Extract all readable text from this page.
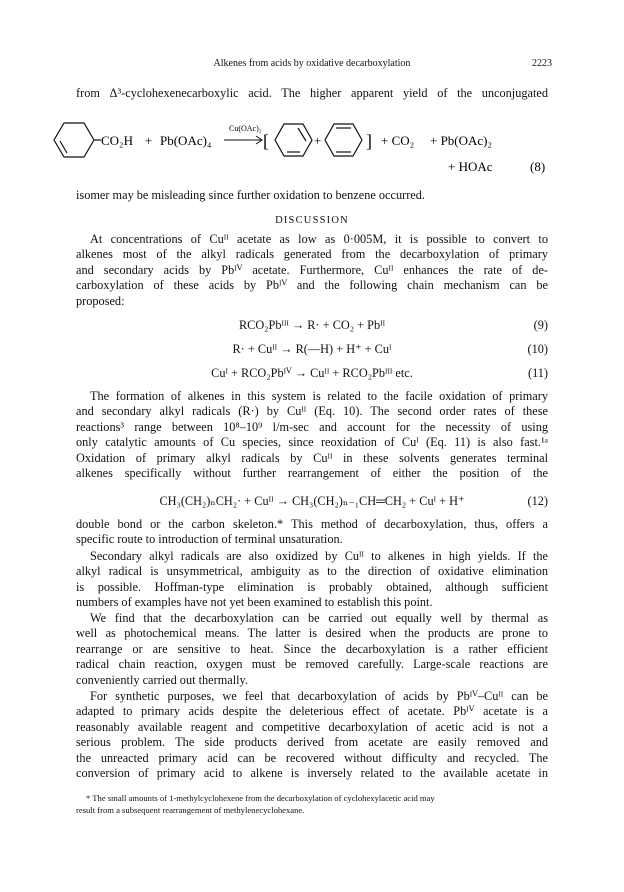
Alkenes from acids by oxidative decarboxylation	2223

from Δ³-cyclohexenecarboxylic acid. The higher apparent yield of the unconjugated

CO₂H + Pb(OAc)₄
Cu(OAc)₂
[	+ ] + CO₂ + Pb(OAc)₂
+ HOAc	(8)

isomer may be misleading since further oxidation to benzene occurred.

DISCUSSION

At concentrations of Cuᴵᴵ acetate as low as 0·005M, it is possible to convert to

alkenes most of the alkyl radicals generated from the decarboxylation of primary

and secondary acids by Pbᴵⱽ acetate. Furthermore, Cuᴵᴵ enhances the rate of de-

carboxylation of these acids by Pbᴵⱽ and the following chain mechanism can be

proposed:

RCO₂Pbᴵᴵᴵ → R· + CO₂ + Pbᴵᴵ	(9)
R· + Cuᴵᴵ → R(—H) + H⁺ + Cuᴵ	(10)
Cuᴵ + RCO₂Pbᴵⱽ → Cuᴵᴵ + RCO₂Pbᴵᴵᴵ etc.	(11)

The formation of alkenes in this system is related to the facile oxidation of primary

and secondary alkyl radicals (R·) by Cuᴵᴵ (Eq. 10). The second order rates of these

reactions³ range between 10⁸–10⁹ l/m-sec and account for the necessity of using

only catalytic amounts of Cu species, since reoxidation of Cuᴵ (Eq. 11) is also fast.¹ᵃ

Oxidation of primary alkyl radicals by Cuᴵᴵ in these solvents generates terminal

alkenes specifically without further rearrangement of either the position of the

CH₃(CH₂)ₙCH₂· + Cuᴵᴵ → CH₃(CH₂)ₙ₋₁CH═CH₂ + Cuᴵ + H⁺	(12)

double bond or the carbon skeleton.* This method of decarboxylation, thus, offers a

specific route to introduction of terminal unsaturation.

Secondary alkyl radicals are also oxidized by Cuᴵᴵ to alkenes in high yields. If the

alkyl radical is unsymmetrical, ambiguity as to the direction of oxidative elimination

is possible. Hoffman-type elimination is probably obtained, although sufficient

numbers of examples have not yet been examined to establish this point.

We find that the decarboxylation can be carried out equally well by thermal as

well as photochemical means. The latter is desired when the products are prone to

rearrange or are sensitive to heat. Since the decarboxylation is a rather efficient

radical chain reaction, oxygen must be removed carefully. Large-scale reactions are

conveniently carried out thermally.

For synthetic purposes, we feel that decarboxylation of acids by Pbᴵⱽ–Cuᴵᴵ can be

adapted to primary acids despite the deleterious effect of acetate. Pbᴵⱽ acetate is a

reasonably available reagent and competitive decarboxylation of acetic acid is not a

serious problem. The side products derived from acetate are easily removed and

the unreacted primary acid can be recovered without difficulty and recycled. The

conversion of primary acid to alkene is inversely related to the available acetate in

* The small amounts of 1-methylcyclohexene from the decarboxylation of cyclohexylacetic acid may

result from a subsequent rearrangement of methylenecyclohexane.
